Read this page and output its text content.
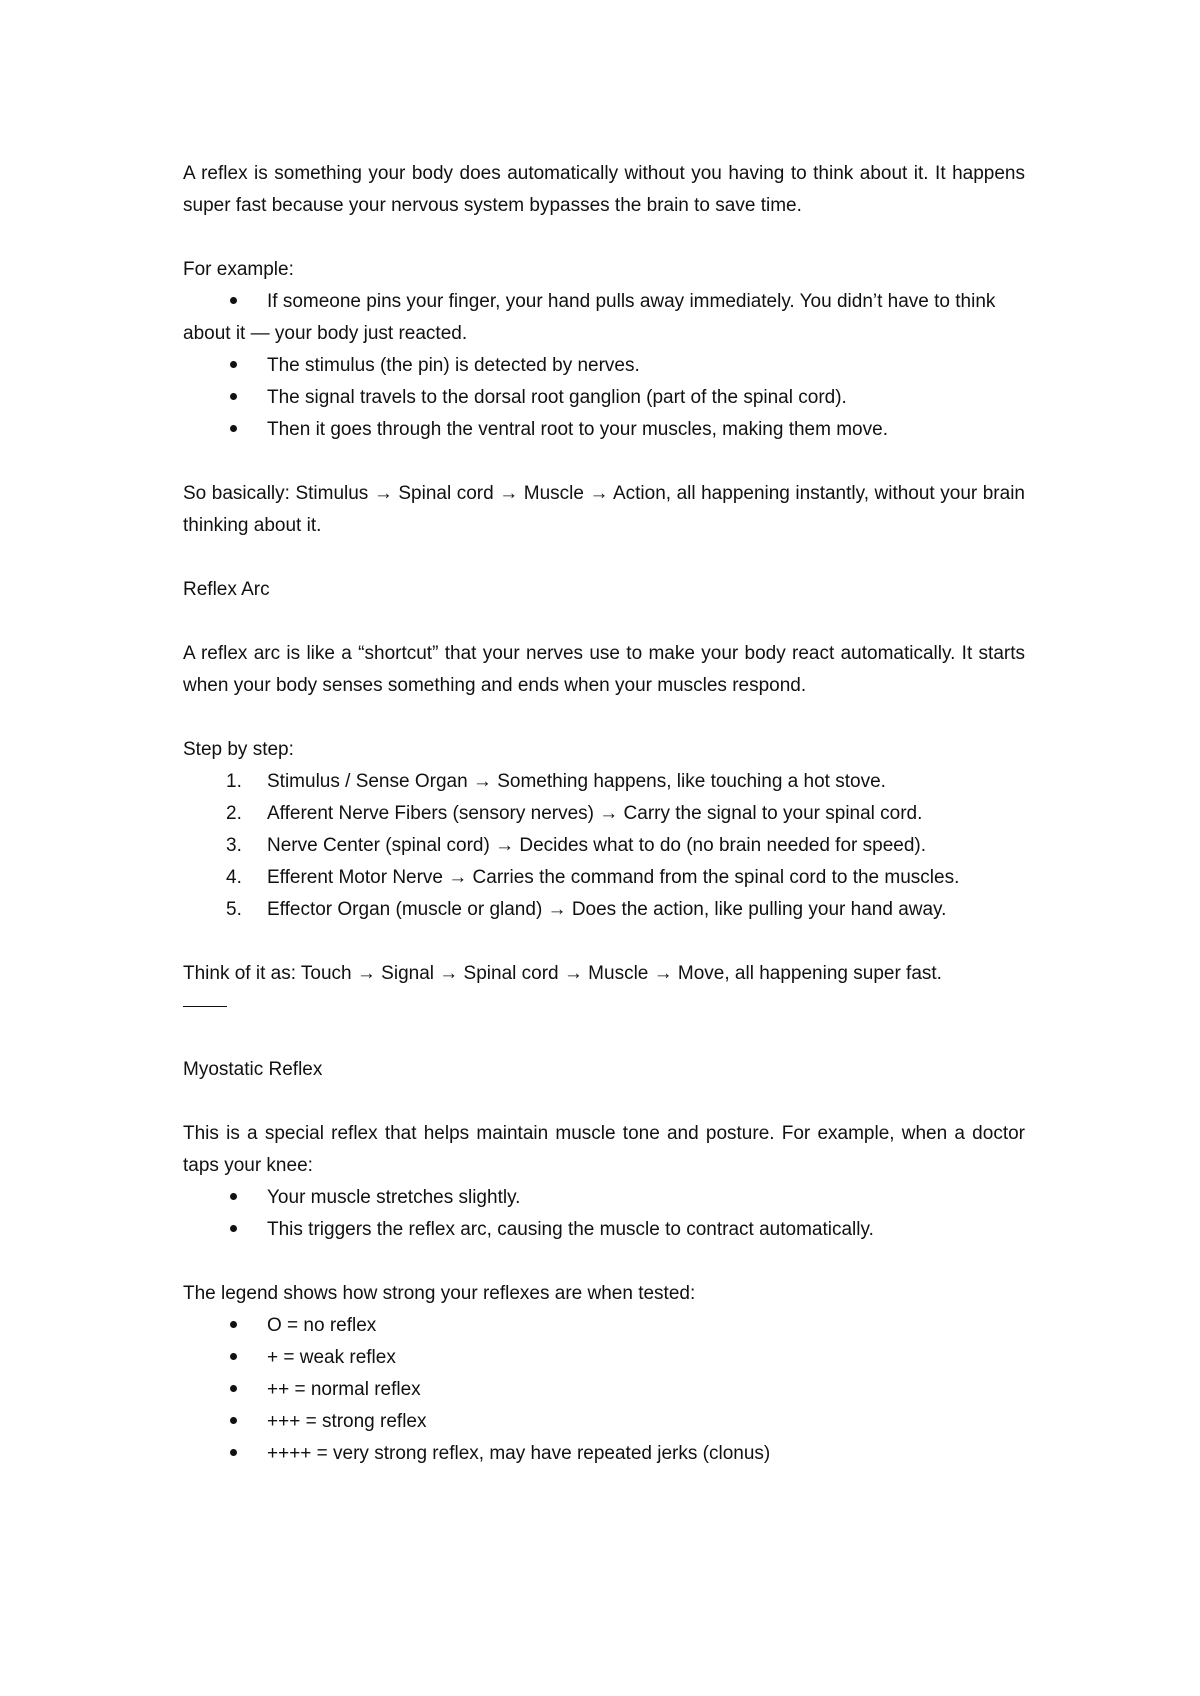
A reflex is something your body does automatically without you having to think about it. It happens super fast because your nervous system bypasses the brain to save time.

For example:

If someone pins your finger, your hand pulls away immediately. You didn’t have to think

about it — your body just reacted.

The stimulus (the pin) is detected by nerves.
The signal travels to the dorsal root ganglion (part of the spinal cord).
Then it goes through the ventral root to your muscles, making them move.

So basically: Stimulus → Spinal cord → Muscle → Action, all happening instantly, without your brain thinking about it.

Reflex Arc

A reflex arc is like a “shortcut” that your nerves use to make your body react automatically. It starts when your body senses something and ends when your muscles respond.

Step by step:

1.	Stimulus / Sense Organ → Something happens, like touching a hot stove.
2.	Afferent Nerve Fibers (sensory nerves) → Carry the signal to your spinal cord.
3.	Nerve Center (spinal cord) → Decides what to do (no brain needed for speed).
4.	Efferent Motor Nerve → Carries the command from the spinal cord to the muscles.
5.	Effector Organ (muscle or gland) → Does the action, like pulling your hand away.

Think of it as: Touch → Signal → Spinal cord → Muscle → Move, all happening super fast.

Myostatic Reflex

This is a special reflex that helps maintain muscle tone and posture. For example, when a doctor taps your knee:

Your muscle stretches slightly.
This triggers the reflex arc, causing the muscle to contract automatically.

The legend shows how strong your reflexes are when tested:

O = no reflex
+ = weak reflex
++ = normal reflex
+++ = strong reflex
++++ = very strong reflex, may have repeated jerks (clonus)
